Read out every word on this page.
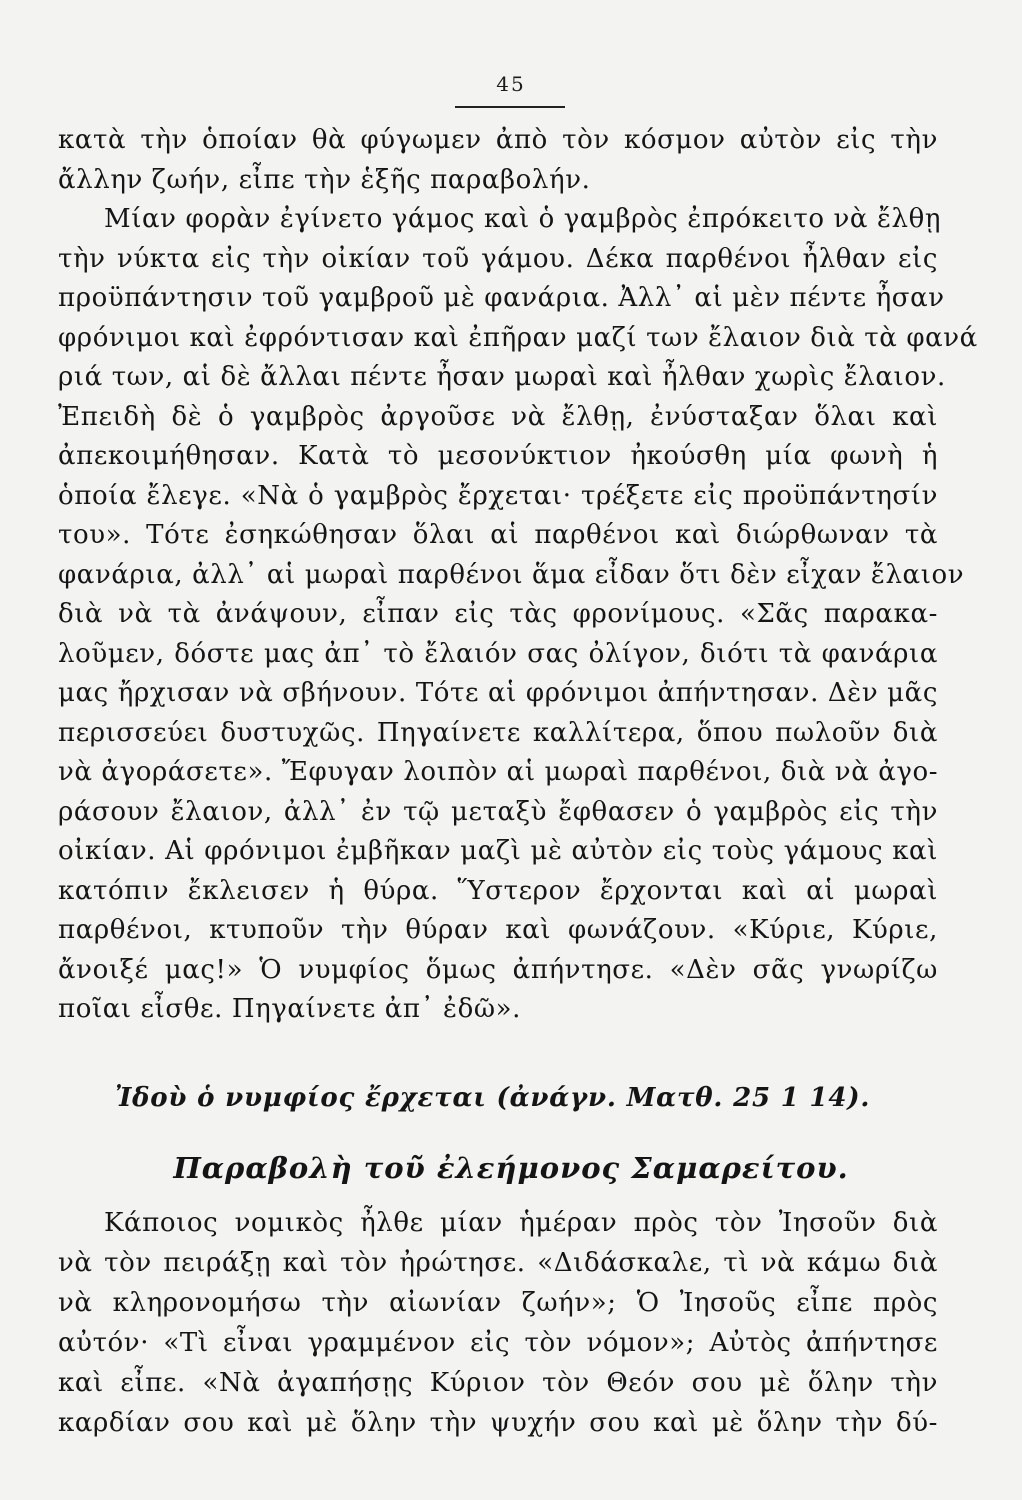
45
κατὰ τὴν ὁποίαν θὰ φύγωμεν ἀπὸ τὸν κόσμον αὐτὸν εἰς τὴν
ἄλλην ζωήν, εἶπε τὴν ἑξῆς παραβολήν.
Μίαν φορὰν ἐγίνετο γάμος καὶ ὁ γαμβρὸς ἐπρόκειτο νὰ ἔλθῃ
τὴν νύκτα εἰς τὴν οἰκίαν τοῦ γάμου. Δέκα παρθένοι ἦλθαν εἰς
προϋπάντησιν τοῦ γαμβροῦ μὲ φανάρια. Ἀλλ᾽ αἱ μὲν πέντε ἦσαν
φρόνιμοι καὶ ἐφρόντισαν καὶ ἐπῆραν μαζί των ἔλαιον διὰ τὰ φανά
ριά των, αἱ δὲ ἄλλαι πέντε ἦσαν μωραὶ καὶ ἦλθαν χωρὶς ἔλαιον.
Ἐπειδὴ δὲ ὁ γαμβρὸς ἀργοῦσε νὰ ἔλθῃ, ἐνύσταξαν ὅλαι καὶ
ἀπεκοιμήθησαν. Κατὰ τὸ μεσονύκτιον ἠκούσθη μία φωνὴ ἡ
ὁποία ἔλεγε. «Νὰ ὁ γαμβρὸς ἔρχεται· τρέξετε εἰς προϋπάντησίν
του». Τότε ἐσηκώθησαν ὅλαι αἱ παρθένοι καὶ διώρθωναν τὰ
φανάρια, ἀλλ᾽ αἱ μωραὶ παρθένοι ἅμα εἶδαν ὅτι δὲν εἶχαν ἔλαιον
διὰ νὰ τὰ ἀνάψουν, εἶπαν εἰς τὰς φρονίμους. «Σᾶς παρακα-
λοῦμεν, δόστε μας ἀπ᾽ τὸ ἔλαιόν σας ὀλίγον, διότι τὰ φανάρια
μας ἤρχισαν νὰ σβήνουν. Τότε αἱ φρόνιμοι ἀπήντησαν. Δὲν μᾶς
περισσεύει δυστυχῶς. Πηγαίνετε καλλίτερα, ὅπου πωλοῦν διὰ
νὰ ἀγοράσετε». Ἔφυγαν λοιπὸν αἱ μωραὶ παρθένοι, διὰ νὰ ἀγο-
ράσουν ἔλαιον, ἀλλ᾽ ἐν τῷ μεταξὺ ἔφθασεν ὁ γαμβρὸς εἰς τὴν
οἰκίαν. Αἱ φρόνιμοι ἐμβῆκαν μαζὶ μὲ αὐτὸν εἰς τοὺς γάμους καὶ
κατόπιν ἔκλεισεν ἡ θύρα. Ὕστερον ἔρχονται καὶ αἱ μωραὶ
παρθένοι, κτυποῦν τὴν θύραν καὶ φωνάζουν. «Κύριε, Κύριε,
ἄνοιξέ μας!» Ὁ νυμφίος ὅμως ἀπήντησε. «Δὲν σᾶς γνωρίζω
ποῖαι εἶσθε. Πηγαίνετε ἀπ᾽ ἐδῶ».
Ἰδοὺ ὁ νυμφίος ἔρχεται (ἀνάγν. Ματθ. 25 1 14).
Παραβολὴ τοῦ ἐλεήμονος Σαμαρείτου.
Κάποιος νομικὸς ἦλθε μίαν ἡμέραν πρὸς τὸν Ἰησοῦν διὰ
νὰ τὸν πειράξῃ καὶ τὸν ἠρώτησε. «Διδάσκαλε, τὶ νὰ κάμω διὰ
νὰ κληρονομήσω τὴν αἰωνίαν ζωήν»; Ὁ Ἰησοῦς εἶπε πρὸς
αὐτόν· «Τὶ εἶναι γραμμένον εἰς τὸν νόμον»; Αὐτὸς ἀπήντησε
καὶ εἶπε. «Νὰ ἀγαπήσῃς Κύριον τὸν Θεόν σου μὲ ὅλην τὴν
καρδίαν σου καὶ μὲ ὅλην τὴν ψυχήν σου καὶ μὲ ὅλην τὴν δύ-
